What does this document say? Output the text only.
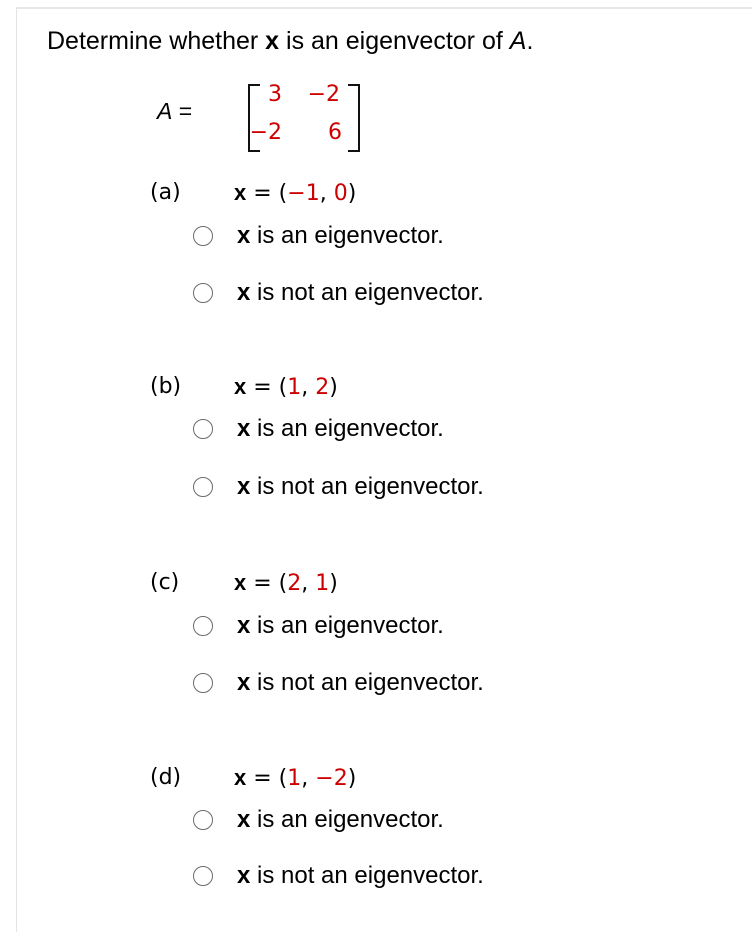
Determine whether x is an eigenvector of A.
A =
3 −2
−2	6
(a) x = (−1, 0)
x is an eigenvector.
x is not an eigenvector.
(b) x = (1, 2)
x is an eigenvector.
x is not an eigenvector.
(c) x = (2, 1)
x is an eigenvector.
x is not an eigenvector.
(d) x = (1, −2)
x is an eigenvector.
x is not an eigenvector.
